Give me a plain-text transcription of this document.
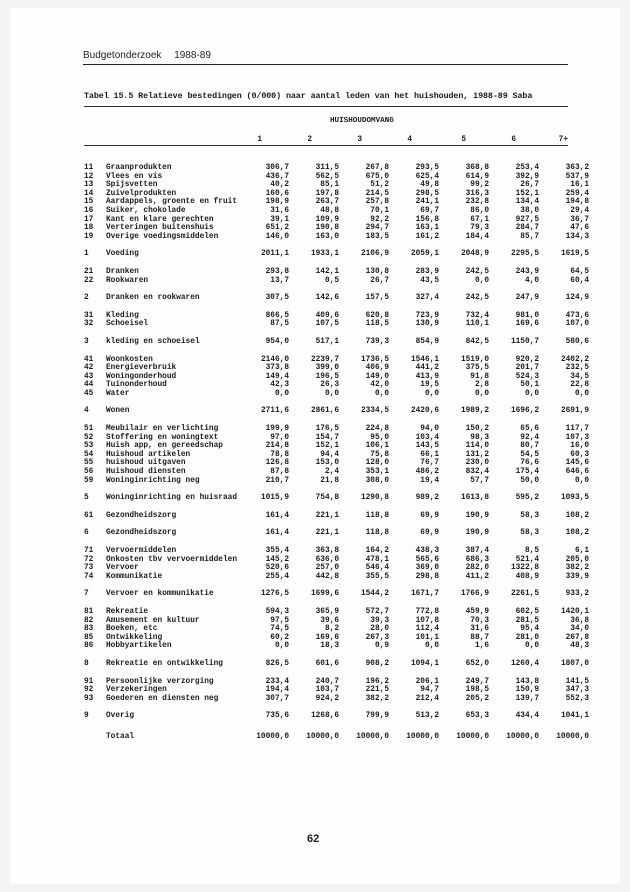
Budgetonderzoek 1988-89
Tabel 15.5 Relatieve bestedingen (0/000) naar aantal leden van het huishouden, 1988-89 Saba
HUISHOUDOMVANG
1	2	3	4	5	6	7+
11	Graanprodukten	306,7	311,5	267,8	293,5	368,8	253,4	363,2
12	Vlees en vis	436,7	562,5	675,0	625,4	614,9	392,9	537,9
13	Spijsvetten	40,2	85,1	51,2	49,8	99,2	26,7	16,1
14	Zuivelprodukten	160,6	197,8	214,5	298,5	316,3	152,1	259,4
15	Aardappels, groente en fruit	198,9	263,7	257,8	241,1	232,8	134,4	194,8
16	Suiker, chokolade	31,6	48,8	70,1	69,7	86,0	38,0	29,4
17	Kant en klare gerechten	39,1	109,9	92,2	156,8	67,1	927,5	36,7
18	Verteringen buitenshuis	651,2	190,8	294,7	163,1	79,3	284,7	47,6
19	Overige voedingsmiddelen	146,0	163,0	183,5	161,2	184,4	85,7	134,3

1	Voeding	2011,1	1933,1	2106,9	2059,1	2048,9	2295,5	1619,5

21	Dranken	293,8	142,1	130,8	283,9	242,5	243,9	64,5
22	Rookwaren	13,7	0,5	26,7	43,5	0,0	4,0	60,4

2	Dranken en rookwaren	307,5	142,6	157,5	327,4	242,5	247,9	124,9

31	Kleding	866,5	409,6	620,8	723,9	732,4	981,0	473,6
32	Schoeisel	87,5	107,5	118,5	130,9	110,1	169,6	107,0

3	kleding en schoeisel	954,0	517,1	739,3	854,9	842,5	1150,7	580,6

41	Woonkosten	2146,0	2239,7	1736,5	1546,1	1519,0	920,2	2402,2
42	Energieverbruik	373,8	399,0	406,9	441,2	375,5	201,7	232,5
43	Woningonderhoud	149,4	196,5	149,0	413,9	91,8	524,3	34,5
44	Tuinonderhoud	42,3	26,3	42,0	19,5	2,8	50,1	22,8
45	Water	0,0	0,0	0,0	0,0	0,0	0,0	0,0

4	Wonen	2711,6	2861,6	2334,5	2420,6	1989,2	1696,2	2691,9

51	Meubilair en verlichting	199,9	176,5	224,8	94,0	150,2	65,6	117,7
52	Stoffering en woningtext	97,0	154,7	95,0	103,4	98,3	92,4	107,3
53	Huish app, en gereedschap	214,8	152,1	106,1	143,5	114,0	80,7	16,0
54	Huishoud artikelen	78,8	94,4	75,8	66,1	131,2	54,5	60,3
55	huishoud uitgaven	126,8	153,0	128,0	76,7	230,0	76,6	145,6
56	Huishoud diensten	87,8	2,4	353,1	486,2	832,4	175,4	646,6
59	Woninginrichting neg	210,7	21,8	308,0	19,4	57,7	50,0	0,0

5	Woninginrichting en huisraad	1015,9	754,8	1290,8	989,2	1613,8	595,2	1093,5

61	Gezondheidszorg	161,4	221,1	118,8	69,9	190,9	58,3	108,2

6	Gezondheidszorg	161,4	221,1	118,8	69,9	190,9	58,3	108,2

71	Vervoermiddelen	355,4	363,8	164,2	438,3	387,4	8,5	6,1
72	Onkosten tbv vervoermiddelen	145,2	636,0	478,1	565,6	686,3	521,4	205,0
73	Vervoer	520,6	257,0	546,4	369,0	282,0	1322,8	382,2
74	Kommunikatie	255,4	442,8	355,5	298,8	411,2	408,9	339,9

7	Vervoer en kommunikatie	1276,5	1699,6	1544,2	1671,7	1766,9	2261,5	933,2

81	Rekreatie	594,3	365,9	572,7	772,8	459,9	602,5	1420,1
82	Amusement en kultuur	97,5	39,6	39,3	107,8	70,3	281,5	36,8
83	Boeken, etc	74,5	8,2	28,0	112,4	31,6	95,4	34,0
85	Ontwikkeling	60,2	169,6	267,3	101,1	88,7	281,0	267,8
86	Hobbyartikelen	0,0	18,3	0,9	0,0	1,6	0,0	48,3

8	Rekreatie en ontwikkeling	826,5	601,6	908,2	1094,1	652,0	1260,4	1807,0

91	Persoonlijke verzorging	233,4	240,7	196,2	206,1	249,7	143,8	141,5
92	Verzekeringen	194,4	103,7	221,5	94,7	198,5	150,9	347,3
93	Goederen en diensten neg	307,7	924,2	382,2	212,4	205,2	139,7	552,3

9	Overig	735,6	1268,6	799,9	513,2	653,3	434,4	1041,1

	Totaal	10000,0	10000,0	10000,0	10000,0	10000,0	10000,0	10000,0
62
